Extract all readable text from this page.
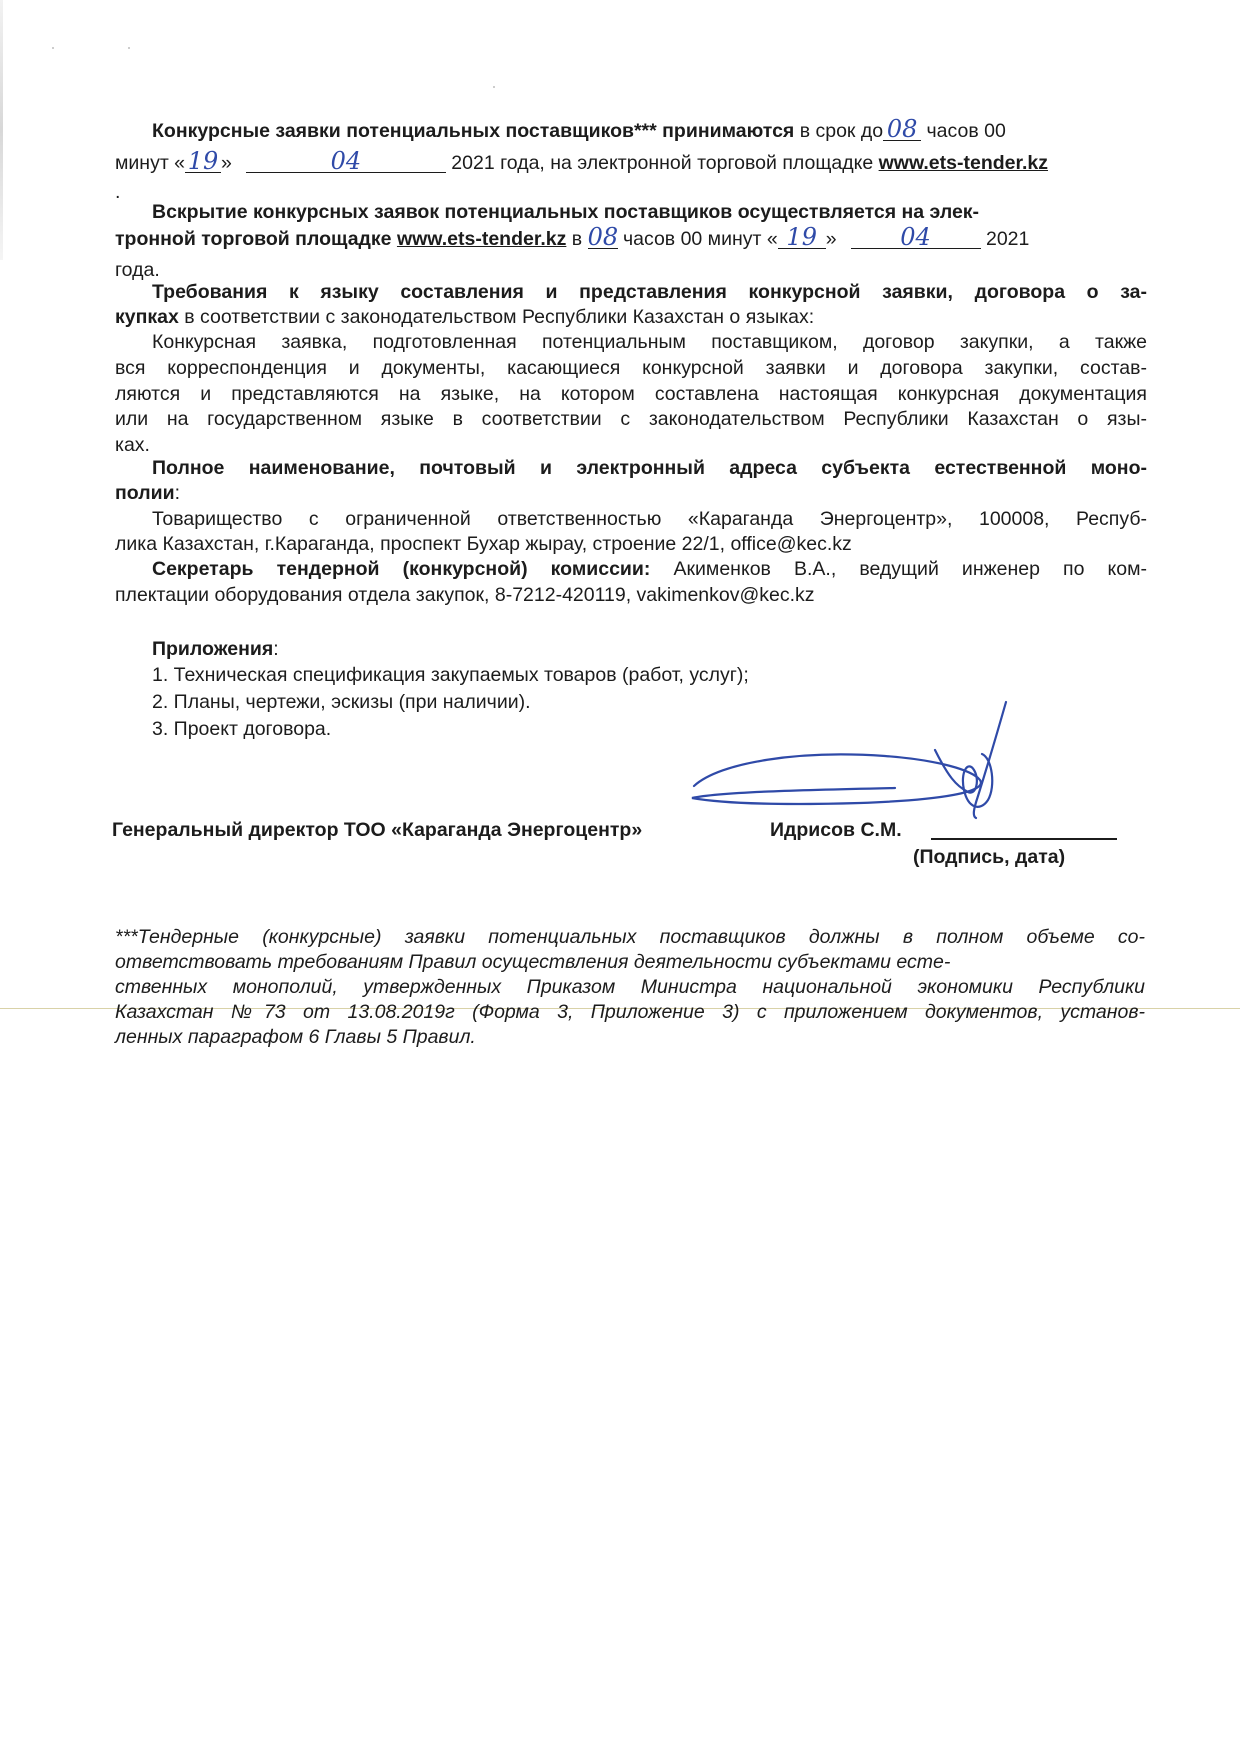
Конкурсные заявки потенциальных поставщиков*** принимаются в срок до 08 часов 00
минут « 19 »	04	2021 года, на электронной торговой площадке www.ets-tender.kz
.
Вскрытие конкурсных заявок потенциальных поставщиков осуществляется на элек-
тронной торговой площадке www.ets-tender.kz в 08 часов 00 минут « 19 »	04	2021
года.
Требования к языку составления и представления конкурсной заявки, договора о за-
купках в соответствии с законодательством Республики Казахстан о языках:
Конкурсная заявка, подготовленная потенциальным поставщиком, договор закупки, а также
вся корреспонденция и документы, касающиеся конкурсной заявки и договора закупки, состав-
ляются и представляются на языке, на котором составлена настоящая конкурсная документация
или на государственном языке в соответствии с законодательством Республики Казахстан о язы-
ках.
Полное наименование, почтовый и электронный адреса субъекта естественной моно-
полии:
Товарищество с ограниченной ответственностью «Караганда Энергоцентр», 100008, Респуб-
лика Казахстан, г.Караганда, проспект Бухар жырау, строение 22/1, office@kec.kz
Секретарь тендерной (конкурсной) комиссии: Акименков В.А., ведущий инженер по ком-
плектации оборудования отдела закупок, 8-7212-420119, vakimenkov@kec.kz
Приложения:
1. Техническая спецификация закупаемых товаров (работ, услуг);
2. Планы, чертежи, эскизы (при наличии).
3. Проект договора.
Генеральный директор ТОО «Караганда Энергоцентр»	Идрисов С.М.
(Подпись, дата)
***Тендерные (конкурсные) заявки потенциальных поставщиков должны в полном объеме со-
ответствовать требованиям Правил осуществления деятельности субъектами есте-
ственных монополий, утвержденных Приказом Министра национальной экономики Республики
Казахстан №73 от 13.08.2019г (Форма 3, Приложение 3) с приложением документов, установ-
ленных параграфом 6 Главы 5 Правил.
